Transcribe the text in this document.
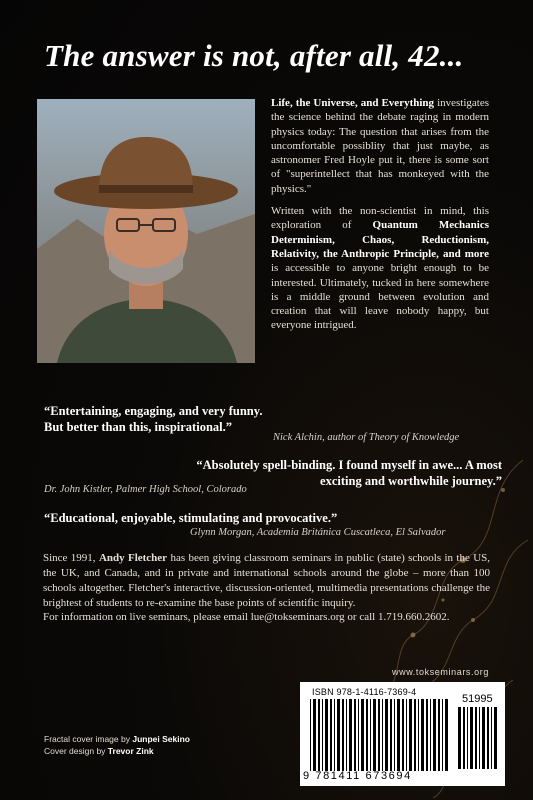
The answer is not, after all, 42...

Life, the Universe, and Everything investigates the science behind the debate raging in modern physics today: The question that arises from the uncomfortable possiblity that just maybe, as astronomer Fred Hoyle put it, there is some sort of "superintellect that has monkeyed with the physics."

Written with the non-scientist in mind, this exploration of Quantum Mechanics Determinism, Chaos, Reductionism, Relativity, the Anthropic Principle, and more is accessible to anyone bright enough to be interested. Ultimately, tucked in here somewhere is a middle ground between evolution and creation that will leave nobody happy, but everyone intrigued.

“Entertaining, engaging, and very funny.
But better than this, inspirational.”
Nick Alchin, author of Theory of Knowledge
“Absolutely spell-binding. I found myself in awe... A most
exciting and worthwhile journey.”
Dr. John Kistler, Palmer High School, Colorado
“Educational, enjoyable, stimulating and provocative.”
Glynn Morgan, Academia Británica Cuscatleca, El Salvador

Since 1991, Andy Fletcher has been giving classroom seminars in public (state) schools in the US, the UK, and Canada, and in private and international schools around the globe – more than 100 schools altogether. Fletcher's interactive, discussion-oriented, multimedia presentations challenge the brightest of students to re-examine the base points of scientific inquiry.

For information on live seminars, please email lue@tokseminars.org or call 1.719.660.2602.

www.tokseminars.org
ISBN 978-1-4116-7369-4
51995
9 781411 673694
Fractal cover image by Junpei Sekino
Cover design by Trevor Zink
